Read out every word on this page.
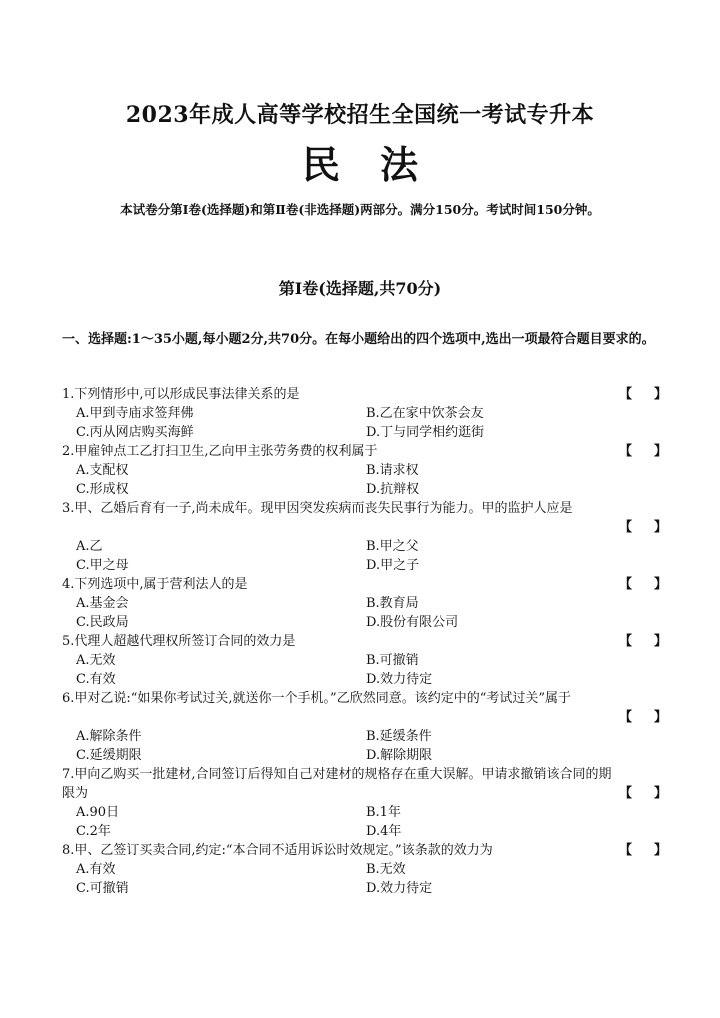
2023年成人高等学校招生全国统一考试专升本
民法
本试卷分第Ⅰ卷(选择题)和第Ⅱ卷(非选择题)两部分。满分150分。考试时间150分钟。
第Ⅰ卷(选择题,共70分)
一、选择题:1～35小题,每小题2分,共70分。在每小题给出的四个选项中,选出一项最符合题目要求的。
1.下列情形中,可以形成民事法律关系的是	【 】
A.甲到寺庙求签拜佛	B.乙在家中饮茶会友
C.丙从网店购买海鲜	D.丁与同学相约逛街
2.甲雇钟点工乙打扫卫生,乙向甲主张劳务费的权利属于	【 】
A.支配权	B.请求权
C.形成权	D.抗辩权
3.甲、乙婚后育有一子,尚未成年。现甲因突发疾病而丧失民事行为能力。甲的监护人应是
【 】
A.乙	B.甲之父
C.甲之母	D.甲之子
4.下列选项中,属于营利法人的是	【 】
A.基金会	B.教育局
C.民政局	D.股份有限公司
5.代理人超越代理权所签订合同的效力是	【 】
A.无效	B.可撤销
C.有效	D.效力待定
6.甲对乙说:“如果你考试过关,就送你一个手机。”乙欣然同意。该约定中的“考试过关”属于
【 】
A.解除条件	B.延缓条件
C.延缓期限	D.解除期限
7.甲向乙购买一批建材,合同签订后得知自己对建材的规格存在重大误解。甲请求撤销该合同的期限为	【 】
A.90日	B.1年
C.2年	D.4年
8.甲、乙签订买卖合同,约定:“本合同不适用诉讼时效规定。”该条款的效力为	【 】
A.有效	B.无效
C.可撤销	D.效力待定
